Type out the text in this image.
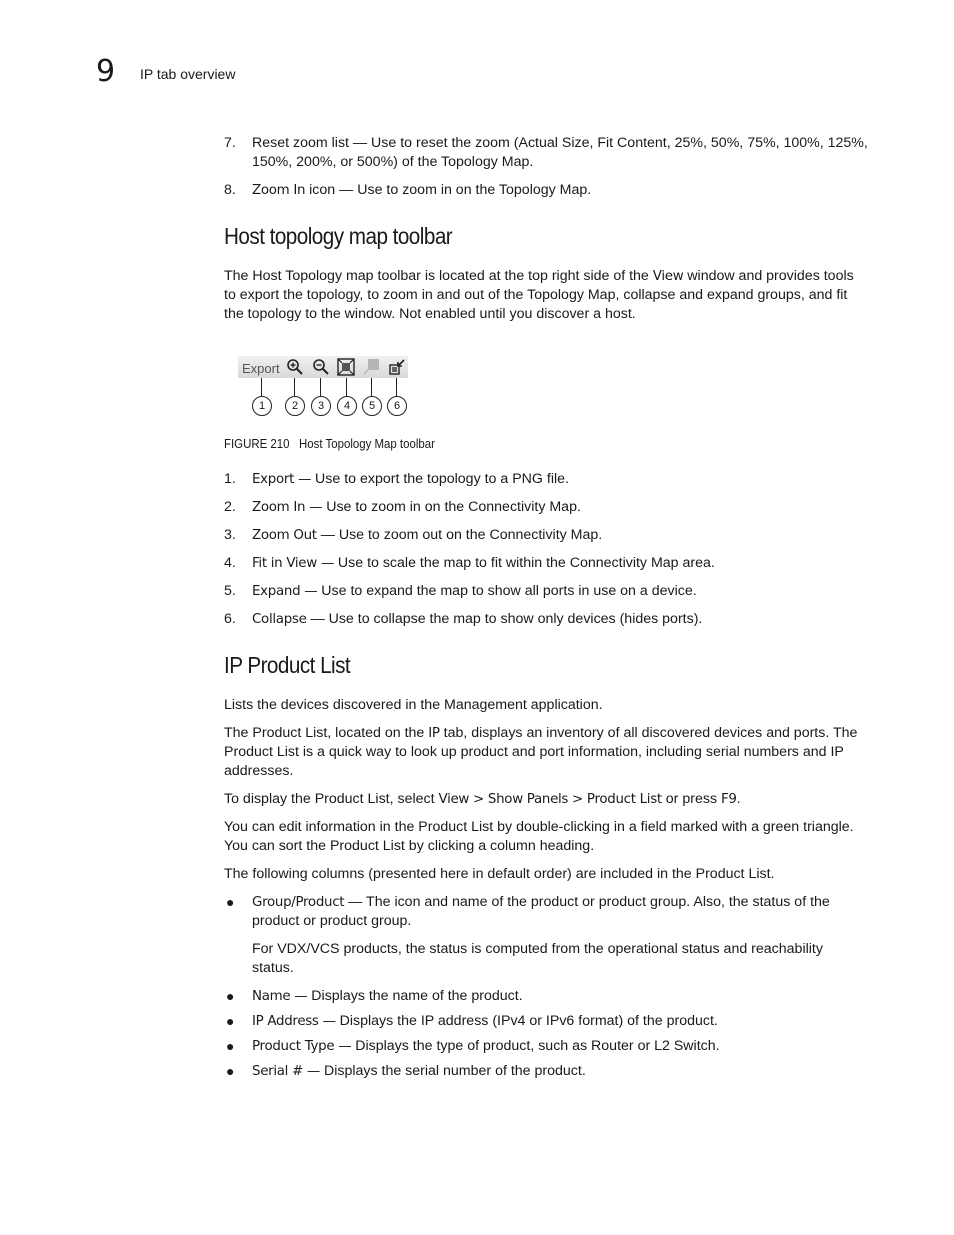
9 IP tab overview
7. Reset zoom list — Use to reset the zoom (Actual Size, Fit Content, 25%, 50%, 75%, 100%, 125%, 150%, 200%, or 500%) of the Topology Map.
8. Zoom In icon — Use to zoom in on the Topology Map.
Host topology map toolbar

The Host Topology map toolbar is located at the top right side of the View window and provides tools to export the topology, to zoom in and out of the Topology Map, collapse and expand groups, and fit the topology to the window. Not enabled until you discover a host.

Export
1	2	3	4	5	6
FIGURE 210 Host Topology Map toolbar
1. Export — Use to export the topology to a PNG file.
2. Zoom In — Use to zoom in on the Connectivity Map.
3. Zoom Out — Use to zoom out on the Connectivity Map.
4. Fit in View — Use to scale the map to fit within the Connectivity Map area.
5. Expand — Use to expand the map to show all ports in use on a device.
6. Collapse — Use to collapse the map to show only devices (hides ports).
IP Product List

Lists the devices discovered in the Management application.

The Product List, located on the IP tab, displays an inventory of all discovered devices and ports. The Product List is a quick way to look up product and port information, including serial numbers and IP addresses.

To display the Product List, select View > Show Panels > Product List or press F9.

You can edit information in the Product List by double-clicking in a field marked with a green triangle. You can sort the Product List by clicking a column heading.

The following columns (presented here in default order) are included in the Product List.

● Group/Product — The icon and name of the product or product group. Also, the status of the product or product group.

For VDX/VCS products, the status is computed from the operational status and reachability status.

● Name — Displays the name of the product.
● IP Address — Displays the IP address (IPv4 or IPv6 format) of the product.
● Product Type — Displays the type of product, such as Router or L2 Switch.
● Serial # — Displays the serial number of the product.
